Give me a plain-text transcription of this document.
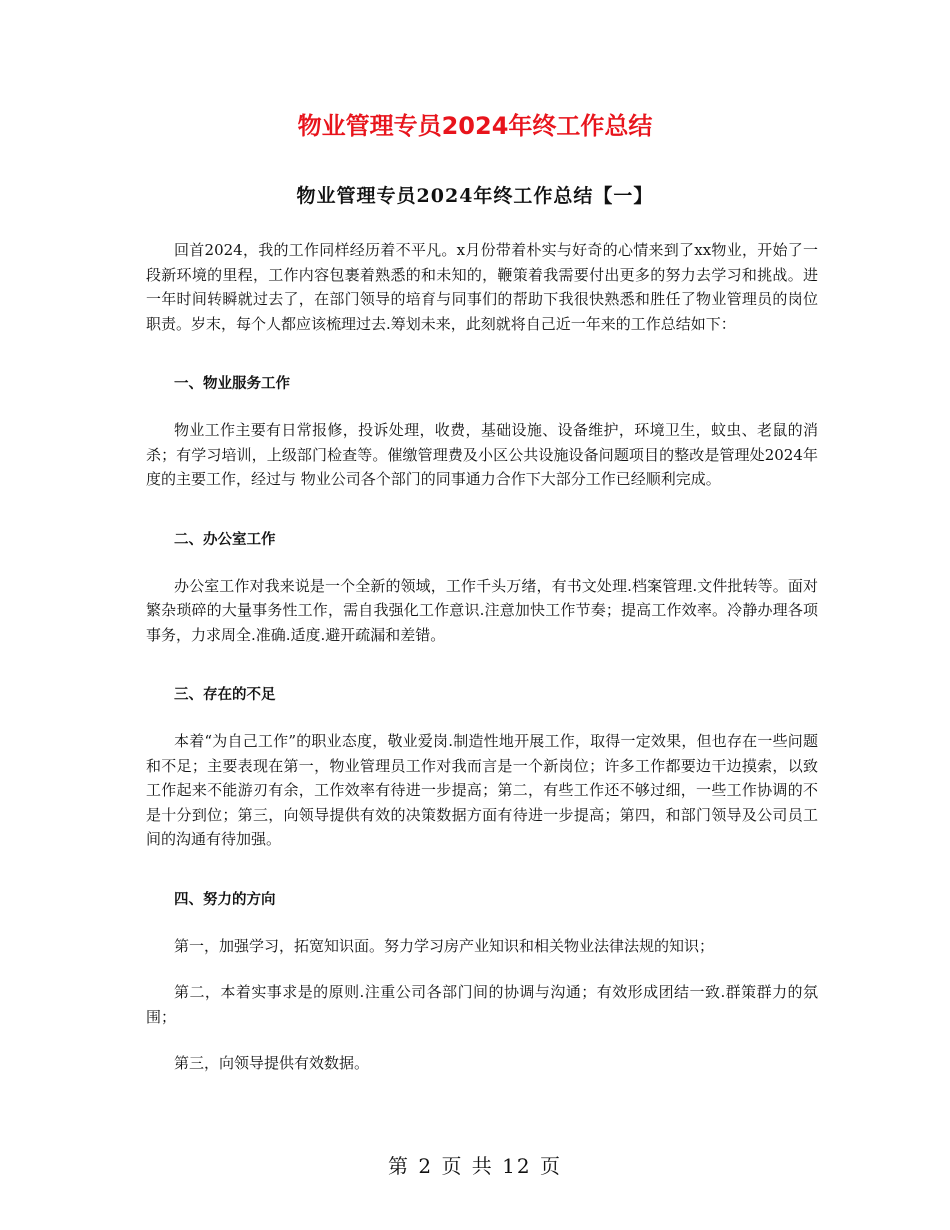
物业管理专员2024年终工作总结
物业管理专员2024年终工作总结【一】

回首2024，我的工作同样经历着不平凡。x月份带着朴实与好奇的心情来到了xx物业，开始了一段新环境的里程，工作内容包裹着熟悉的和未知的，鞭策着我需要付出更多的努力去学习和挑战。进一年时间转瞬就过去了，在部门领导的培育与同事们的帮助下我很快熟悉和胜任了物业管理员的岗位职责。岁末，每个人都应该梳理过去.筹划未来，此刻就将自己近一年来的工作总结如下：

一、物业服务工作

物业工作主要有日常报修，投诉处理，收费，基础设施、设备维护，环境卫生，蚊虫、老鼠的消杀；有学习培训，上级部门检查等。催缴管理费及小区公共设施设备问题项目的整改是管理处2024年度的主要工作，经过与 物业公司各个部门的同事通力合作下大部分工作已经顺利完成。

二、办公室工作

办公室工作对我来说是一个全新的领域，工作千头万绪，有书文处理.档案管理.文件批转等。面对繁杂琐碎的大量事务性工作，需自我强化工作意识.注意加快工作节奏；提高工作效率。冷静办理各项事务，力求周全.准确.适度.避开疏漏和差错。

三、存在的不足

本着“为自己工作”的职业态度，敬业爱岗.制造性地开展工作，取得一定效果，但也存在一些问题和不足；主要表现在第一，物业管理员工作对我而言是一个新岗位；许多工作都要边干边摸索，以致工作起来不能游刃有余，工作效率有待进一步提高；第二，有些工作还不够过细，一些工作协调的不是十分到位；第三，向领导提供有效的决策数据方面有待进一步提高；第四，和部门领导及公司员工间的沟通有待加强。

四、努力的方向

第一，加强学习，拓宽知识面。努力学习房产业知识和相关物业法律法规的知识；

第二，本着实事求是的原则.注重公司各部门间的协调与沟通；有效形成团结一致.群策群力的氛围；

第三，向领导提供有效数据。

第 2 页 共 12 页
